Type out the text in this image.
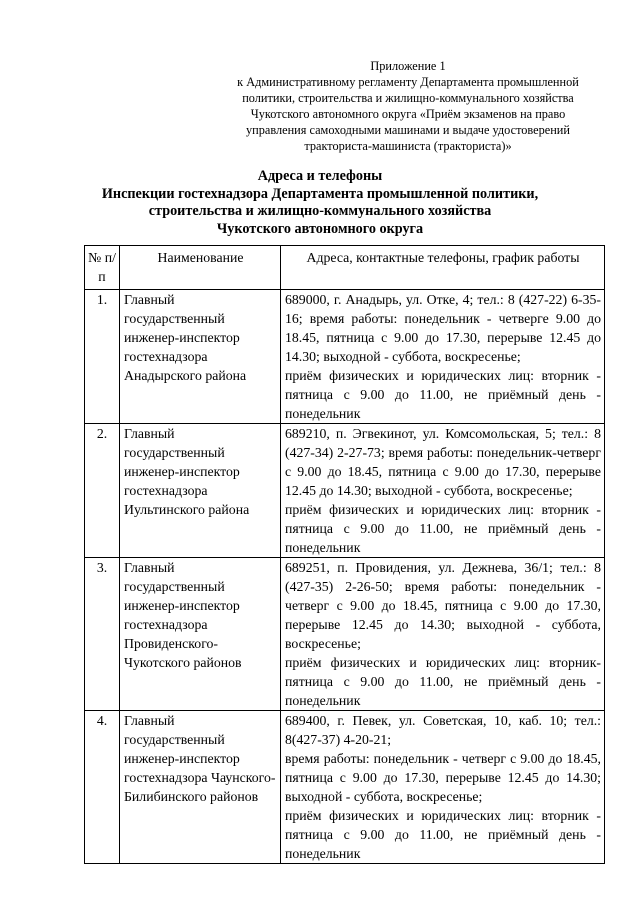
Приложение 1
к Административному регламенту Департамента промышленной
политики, строительства и жилищно-коммунального хозяйства
Чукотского автономного округа «Приём экзаменов на право
управления самоходными машинами и выдаче удостоверений
тракториста-машиниста (тракториста)»
Адреса и телефоны
Инспекции гостехнадзора Департамента промышленной политики,
строительства и жилищно-коммунального хозяйства
Чукотского автономного округа
№ п/п	Наименование	Адреса, контактные телефоны, график работы
1.	Главный государственный инженер-инспектор гостехнадзора Анадырского района	689000, г. Анадырь, ул. Отке, 4; тел.: 8 (427-22) 6-35-16; время работы: понедельник - четверге 9.00 до 18.45, пятница с 9.00 до 17.30, перерыве 12.45 до 14.30; выходной - суббота, воскресенье;
приём физических и юридических лиц: вторник - пятница с 9.00 до 11.00, не приёмный день - понедельник

2.	Главный государственный инженер-инспектор гостехнадзора Иультинского района	689210, п. Эгвекинот, ул. Комсомольская, 5; тел.: 8 (427-34) 2-27-73; время работы: понедельник-четверг с 9.00 до 18.45, пятница с 9.00 до 17.30, перерыве 12.45 до 14.30; выходной - суббота, воскресенье;
приём физических и юридических лиц: вторник - пятница с 9.00 до 11.00, не приёмный день - понедельник

3.	Главный государственный инженер-инспектор гостехнадзора Провиденского-Чукотского районов	689251, п. Провидения, ул. Дежнева, 36/1; тел.: 8 (427-35) 2-26-50; время работы: понедельник - четверг с 9.00 до 18.45, пятница с 9.00 до 17.30, перерыве 12.45 до 14.30; выходной - суббота, воскресенье;
приём физических и юридических лиц: вторник-пятница с 9.00 до 11.00, не приёмный день - понедельник

4.	Главный государственный инженер-инспектор гостехнадзора Чаунского-Билибинского районов	689400, г. Певек, ул. Советская, 10, каб. 10; тел.: 8(427-37) 4-20-21;
время работы: понедельник - четверг с 9.00 до 18.45, пятница с 9.00 до 17.30, перерыве 12.45 до 14.30; выходной - суббота, воскресенье;
приём физических и юридических лиц: вторник - пятница с 9.00 до 11.00, не приёмный день - понедельник
